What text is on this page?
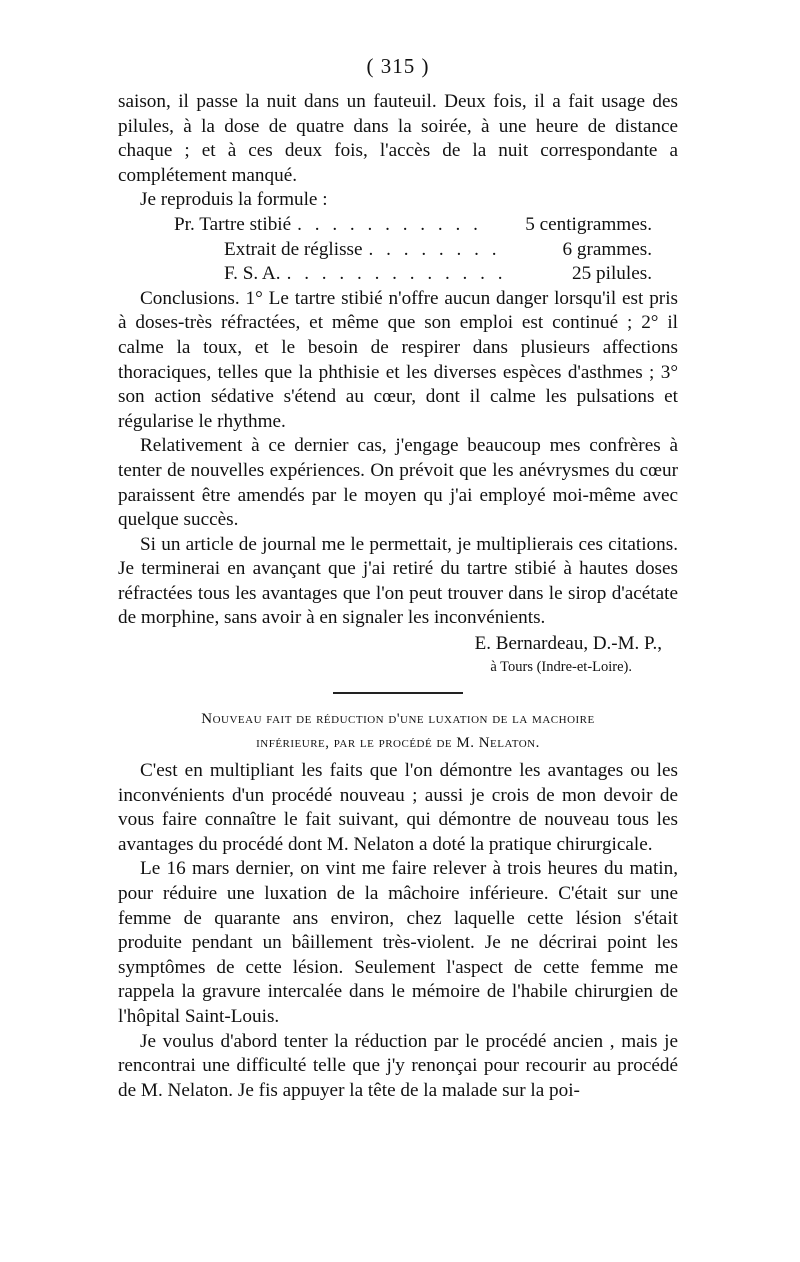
( 315 )

saison, il passe la nuit dans un fauteuil. Deux fois, il a fait usage des pilules, à la dose de quatre dans la soirée, à une heure de distance chaque ; et à ces deux fois, l'accès de la nuit correspondante a complétement manqué.

Je reproduis la formule :

Pr. Tartre stibié . . . . . . . . . . .	5 centigrammes.
Extrait de réglisse . . . . . . . .	6 grammes.
F. S. A. . . . . . . . . . . . . .	25 pilules.

Conclusions. 1° Le tartre stibié n'offre aucun danger lorsqu'il est pris à doses-très réfractées, et même que son emploi est continué ; 2° il calme la toux, et le besoin de respirer dans plusieurs affections thoraciques, telles que la phthisie et les diverses espèces d'asthmes ; 3° son action sédative s'étend au cœur, dont il calme les pulsations et régularise le rhythme.

Relativement à ce dernier cas, j'engage beaucoup mes confrères à tenter de nouvelles expériences. On prévoit que les anévrysmes du cœur paraissent être amendés par le moyen qu j'ai employé moi-même avec quelque succès.

Si un article de journal me le permettait, je multiplierais ces citations. Je terminerai en avançant que j'ai retiré du tartre stibié à hautes doses réfractées tous les avantages que l'on peut trouver dans le sirop d'acétate de morphine, sans avoir à en signaler les inconvénients.

E. Bernardeau, D.-M. P.,
à Tours (Indre-et-Loire).
Nouveau fait de réduction d'une luxation de la machoire
inférieure, par le procédé de M. Nelaton.

C'est en multipliant les faits que l'on démontre les avantages ou les inconvénients d'un procédé nouveau ; aussi je crois de mon devoir de vous faire connaître le fait suivant, qui démontre de nouveau tous les avantages du procédé dont M. Nelaton a doté la pratique chirurgicale.

Le 16 mars dernier, on vint me faire relever à trois heures du matin, pour réduire une luxation de la mâchoire inférieure. C'était sur une femme de quarante ans environ, chez laquelle cette lésion s'était produite pendant un bâillement très-violent. Je ne décrirai point les symptômes de cette lésion. Seulement l'aspect de cette femme me rappela la gravure intercalée dans le mémoire de l'habile chirurgien de l'hôpital Saint-Louis.

Je voulus d'abord tenter la réduction par le procédé ancien , mais je rencontrai une difficulté telle que j'y renonçai pour recourir au procédé de M. Nelaton. Je fis appuyer la tête de la malade sur la poi-
